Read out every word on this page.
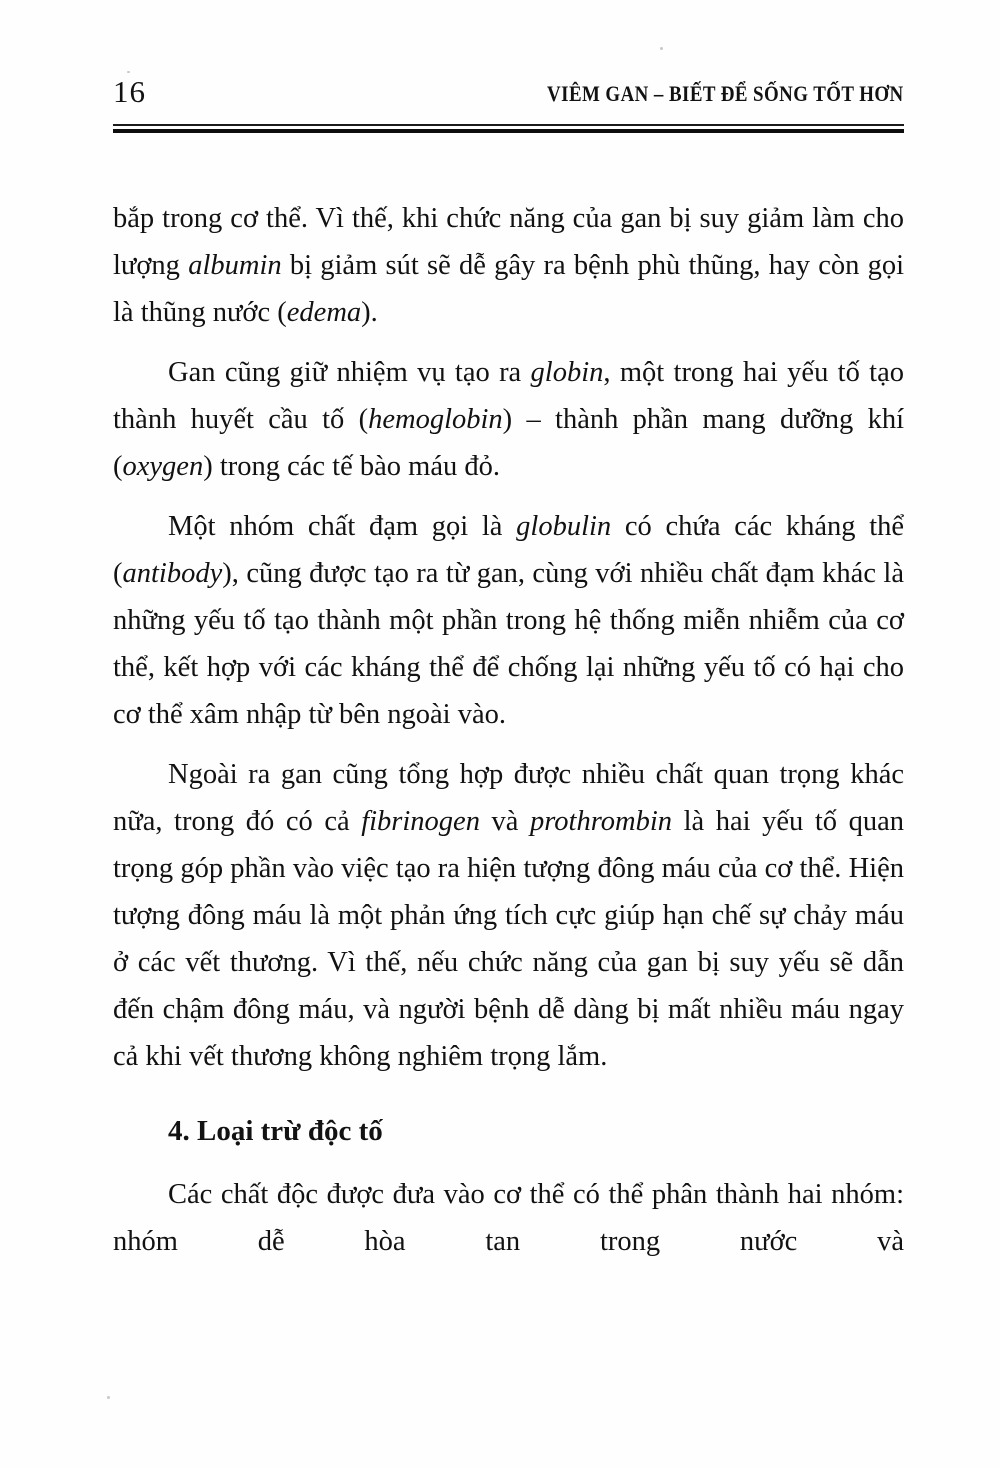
16	VIÊM GAN – BIẾT ĐỂ SỐNG TỐT HƠN

bắp trong cơ thể. Vì thế, khi chức năng của gan bị suy giảm làm cho lượng albumin bị giảm sút sẽ dễ gây ra bệnh phù thũng, hay còn gọi là thũng nước (edema).

Gan cũng giữ nhiệm vụ tạo ra globin, một trong hai yếu tố tạo thành huyết cầu tố (hemoglobin) – thành phần mang dưỡng khí (oxygen) trong các tế bào máu đỏ.

Một nhóm chất đạm gọi là globulin có chứa các kháng thể (antibody), cũng được tạo ra từ gan, cùng với nhiều chất đạm khác là những yếu tố tạo thành một phần trong hệ thống miễn nhiễm của cơ thể, kết hợp với các kháng thể để chống lại những yếu tố có hại cho cơ thể xâm nhập từ bên ngoài vào.

Ngoài ra gan cũng tổng hợp được nhiều chất quan trọng khác nữa, trong đó có cả fibrinogen và prothrombin là hai yếu tố quan trọng góp phần vào việc tạo ra hiện tượng đông máu của cơ thể. Hiện tượng đông máu là một phản ứng tích cực giúp hạn chế sự chảy máu ở các vết thương. Vì thế, nếu chức năng của gan bị suy yếu sẽ dẫn đến chậm đông máu, và người bệnh dễ dàng bị mất nhiều máu ngay cả khi vết thương không nghiêm trọng lắm.

4. Loại trừ độc tố

Các chất độc được đưa vào cơ thể có thể phân thành hai nhóm: nhóm dễ hòa tan trong nước và
